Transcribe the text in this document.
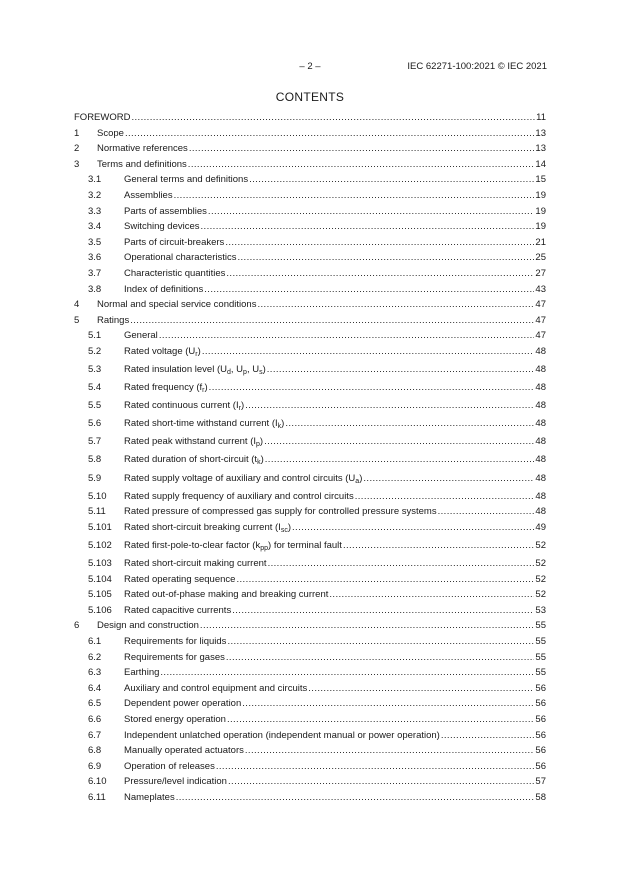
– 2 –	IEC 62271-100:2021 © IEC 2021
CONTENTS
FOREWORD .....	11
1	Scope .....	13
2	Normative references .....	13
3	Terms and definitions .....	14
3.1	General terms and definitions .....	15
3.2	Assemblies .....	19
3.3	Parts of assemblies .....	19
3.4	Switching devices .....	19
3.5	Parts of circuit-breakers .....	21
3.6	Operational characteristics .....	25
3.7	Characteristic quantities .....	27
3.8	Index of definitions .....	43
4	Normal and special service conditions .....	47
5	Ratings .....	47
5.1	General .....	47
5.2	Rated voltage $(U_r)$ .....	48
5.3	Rated insulation level ($U_d$, $U_p$, $U_s$) .....	48
5.4	Rated frequency $(f_r)$ .....	48
5.5	Rated continuous current $(I_r)$ .....	48
5.6	Rated short-time withstand current $(I_k)$ .....	48
5.7	Rated peak withstand current $(I_p)$ .....	48
5.8	Rated duration of short-circuit $(t_k)$ .....	48
5.9	Rated supply voltage of auxiliary and control circuits $(U_a)$ .....	48
5.10	Rated supply frequency of auxiliary and control circuits .....	48
5.11	Rated pressure of compressed gas supply for controlled pressure systems .....	48
5.101	Rated short-circuit breaking current $(I_{sc})$ .....	49
5.102	Rated first-pole-to-clear factor $(k_{pp})$ for terminal fault .....	52
5.103	Rated short-circuit making current .....	52
5.104	Rated operating sequence .....	52
5.105	Rated out-of-phase making and breaking current .....	52
5.106	Rated capacitive currents .....	53
6	Design and construction .....	55
6.1	Requirements for liquids .....	55
6.2	Requirements for gases .....	55
6.3	Earthing .....	55
6.4	Auxiliary and control equipment and circuits .....	56
6.5	Dependent power operation .....	56
6.6	Stored energy operation .....	56
6.7	Independent unlatched operation (independent manual or power operation) .....	56
6.8	Manually operated actuators .....	56
6.9	Operation of releases .....	56
6.10	Pressure/level indication .....	57
6.11	Nameplates .....	58
